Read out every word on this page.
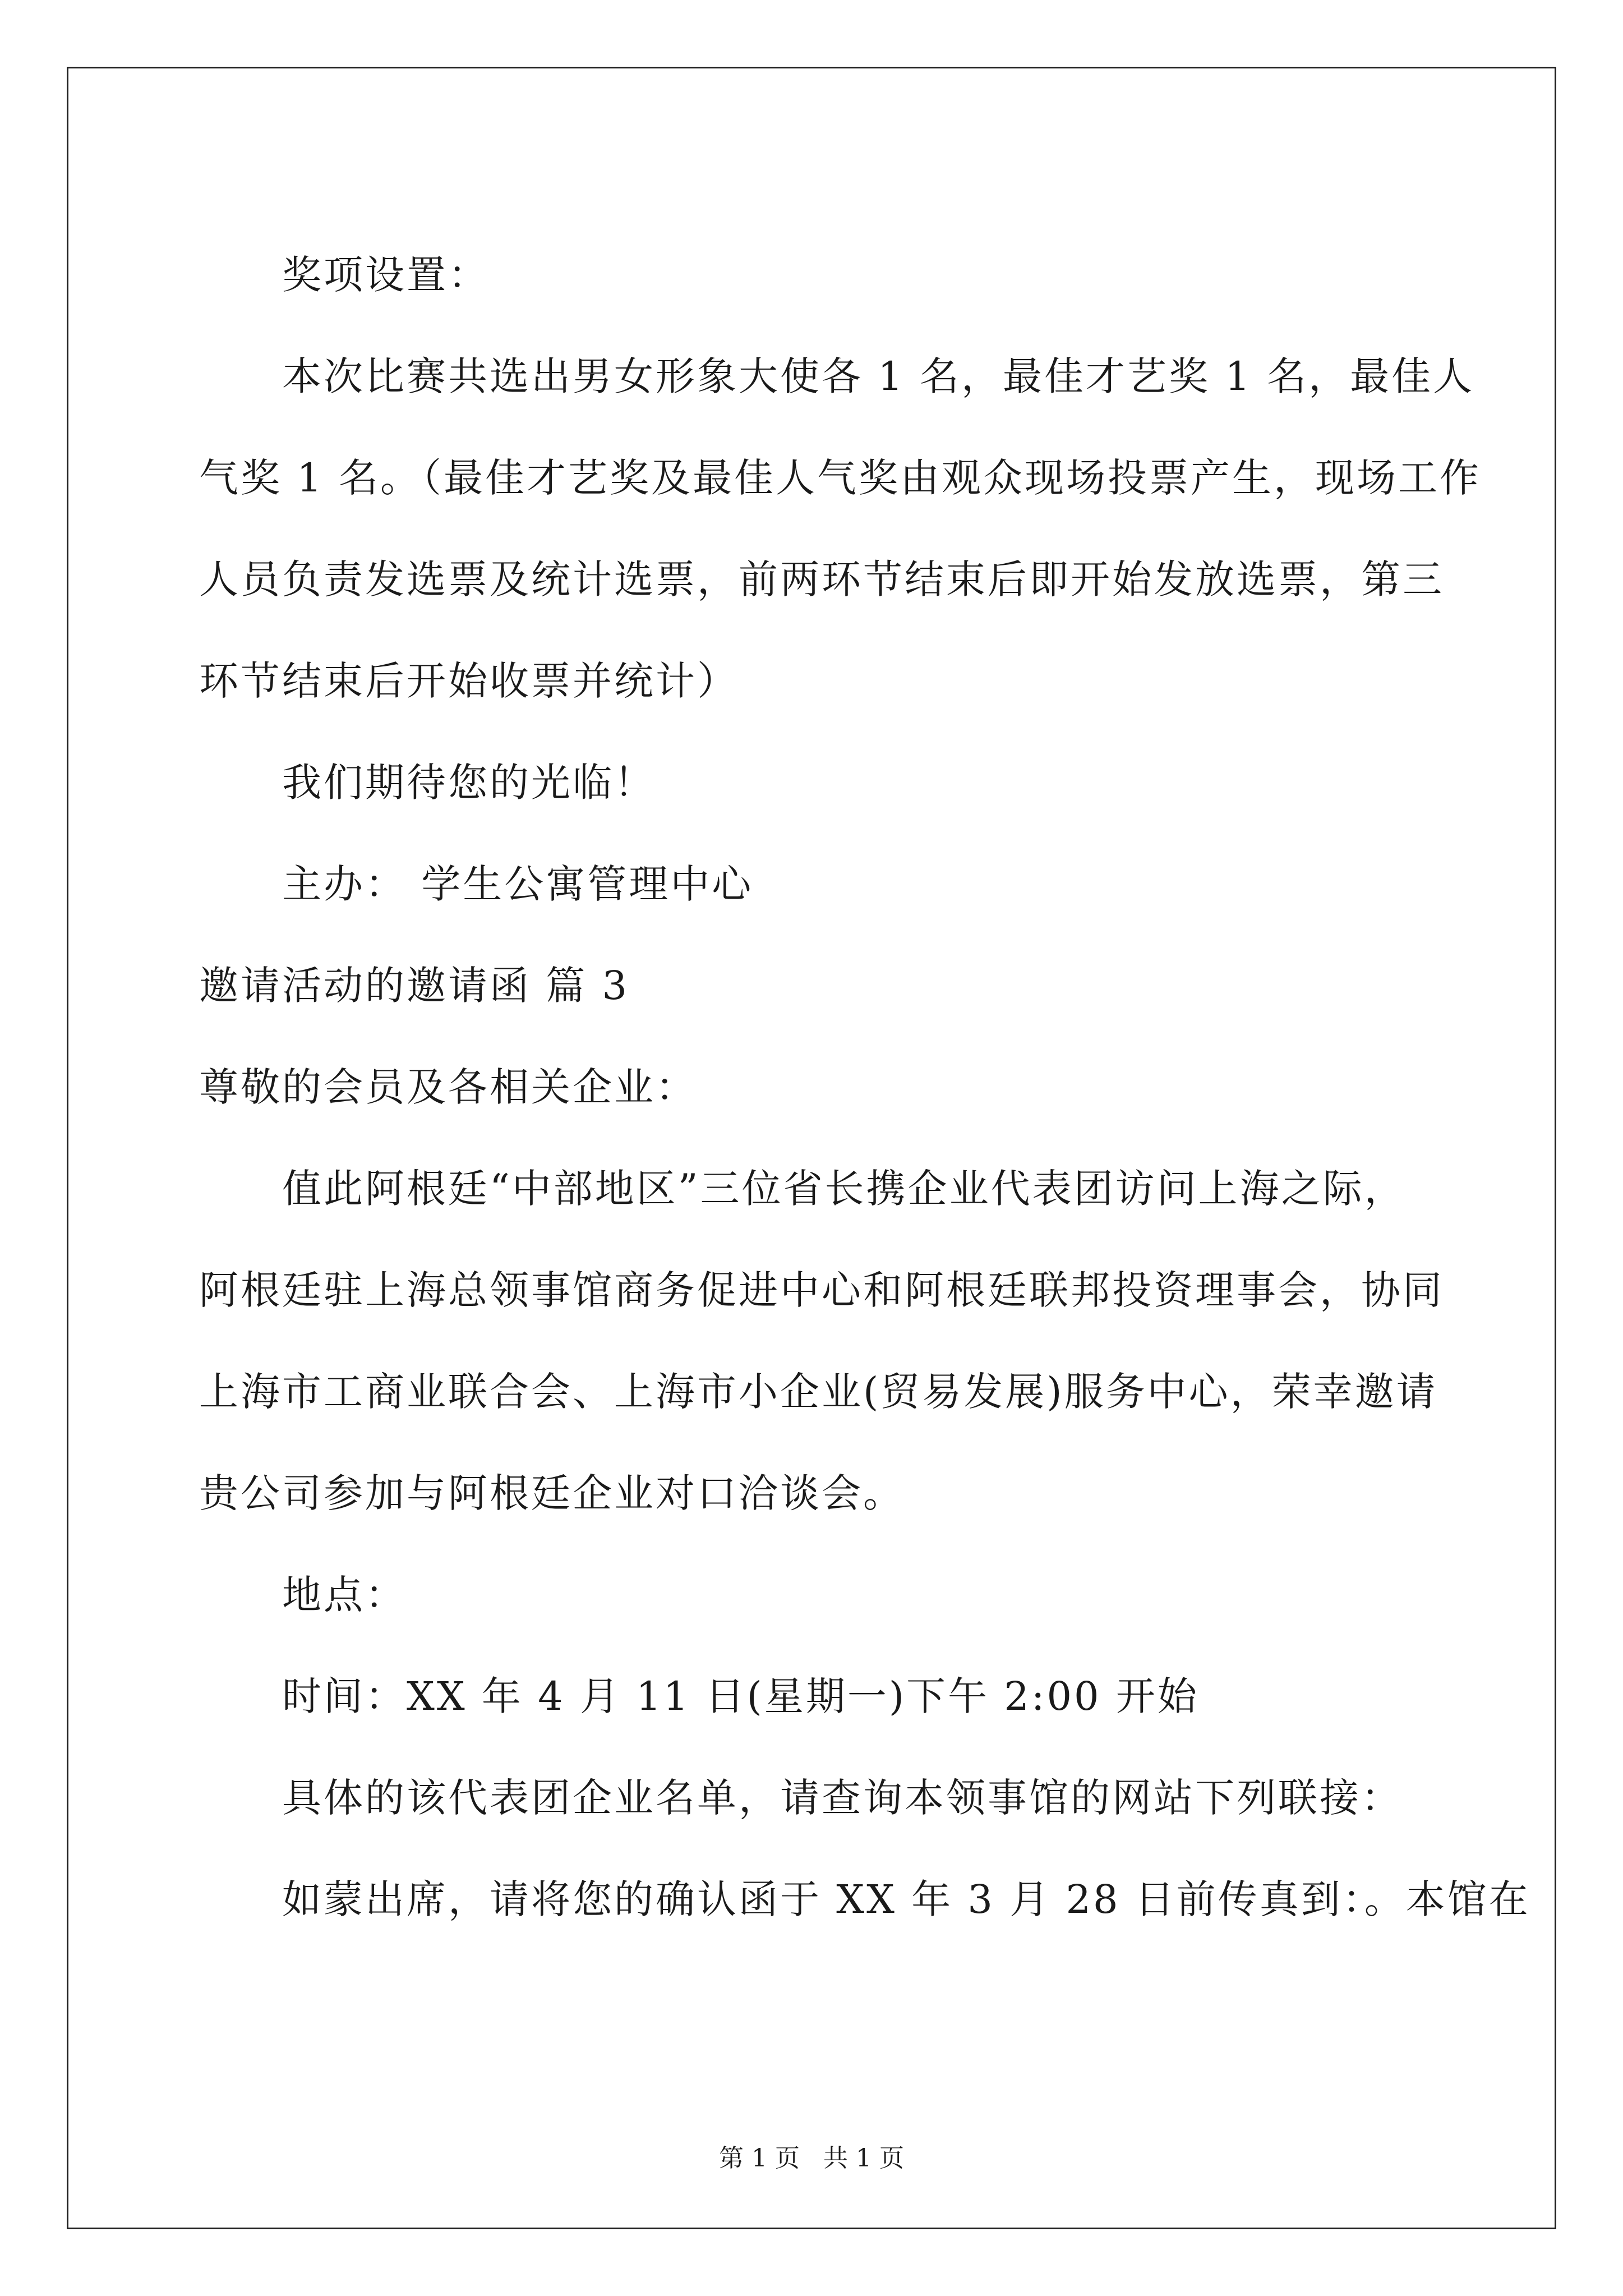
奖项设置：
本次比赛共选出男女形象大使各 1 名，最佳才艺奖 1 名，最佳人
气奖 1 名。（最佳才艺奖及最佳人气奖由观众现场投票产生，现场工作
人员负责发选票及统计选票，前两环节结束后即开始发放选票，第三
环节结束后开始收票并统计）
我们期待您的光临！
主办： 学生公寓管理中心
邀请活动的邀请函 篇 3
尊敬的会员及各相关企业：
值此阿根廷“中部地区”三位省长携企业代表团访问上海之际，
阿根廷驻上海总领事馆商务促进中心和阿根廷联邦投资理事会，协同
上海市工商业联合会、上海市小企业(贸易发展)服务中心，荣幸邀请
贵公司参加与阿根廷企业对口洽谈会。
地点：
时间：XX 年 4 月 11 日(星期一)下午 2:00 开始
具体的该代表团企业名单，请查询本领事馆的网站下列联接：
如蒙出席，请将您的确认函于 XX 年 3 月 28 日前传真到：。本馆在
第 1 页   共 1 页
